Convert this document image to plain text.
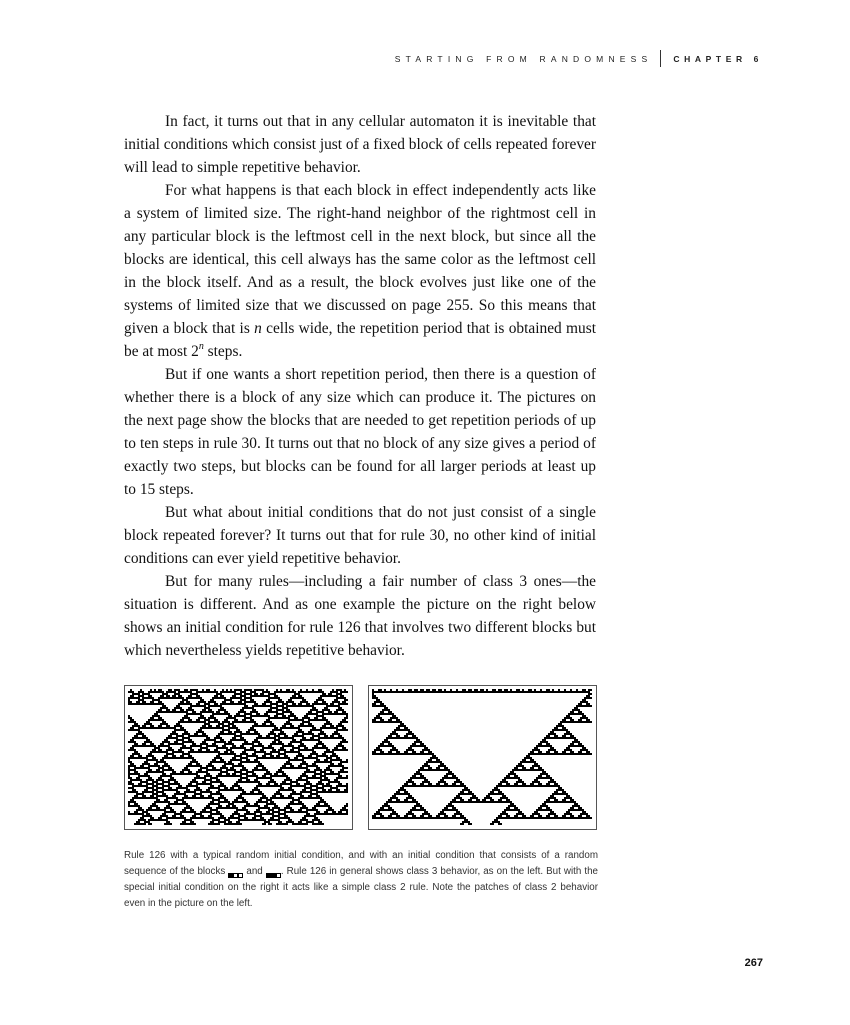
STARTING FROM RANDOMNESS CHAPTER 6

In fact, it turns out that in any cellular automaton it is inevitable that initial conditions which consist just of a fixed block of cells repeated forever will lead to simple repetitive behavior.

For what happens is that each block in effect independently acts like a system of limited size. The right-hand neighbor of the rightmost cell in any particular block is the leftmost cell in the next block, but since all the blocks are identical, this cell always has the same color as the leftmost cell in the block itself. And as a result, the block evolves just like one of the systems of limited size that we discussed on page 255. So this means that given a block that is n cells wide, the repetition period that is obtained must be at most 2$^n$ steps.

But if one wants a short repetition period, then there is a question of whether there is a block of any size which can produce it. The pictures on the next page show the blocks that are needed to get repetition periods of up to ten steps in rule 30. It turns out that no block of any size gives a period of exactly two steps, but blocks can be found for all larger periods at least up to 15 steps.

But what about initial conditions that do not just consist of a single block repeated forever? It turns out that for rule 30, no other kind of initial conditions can ever yield repetitive behavior.

But for many rules—including a fair number of class 3 ones—the situation is different. And as one example the picture on the right below shows an initial condition for rule 126 that involves two different blocks but which nevertheless yields repetitive behavior.

Rule 126 with a typical random initial condition, and with an initial condition that consists of a random sequence of the blocks and . Rule 126 in general shows class 3 behavior, as on the left. But with the special initial condition on the right it acts like a simple class 2 rule. Note the patches of class 2 behavior even in the picture on the left.
267
